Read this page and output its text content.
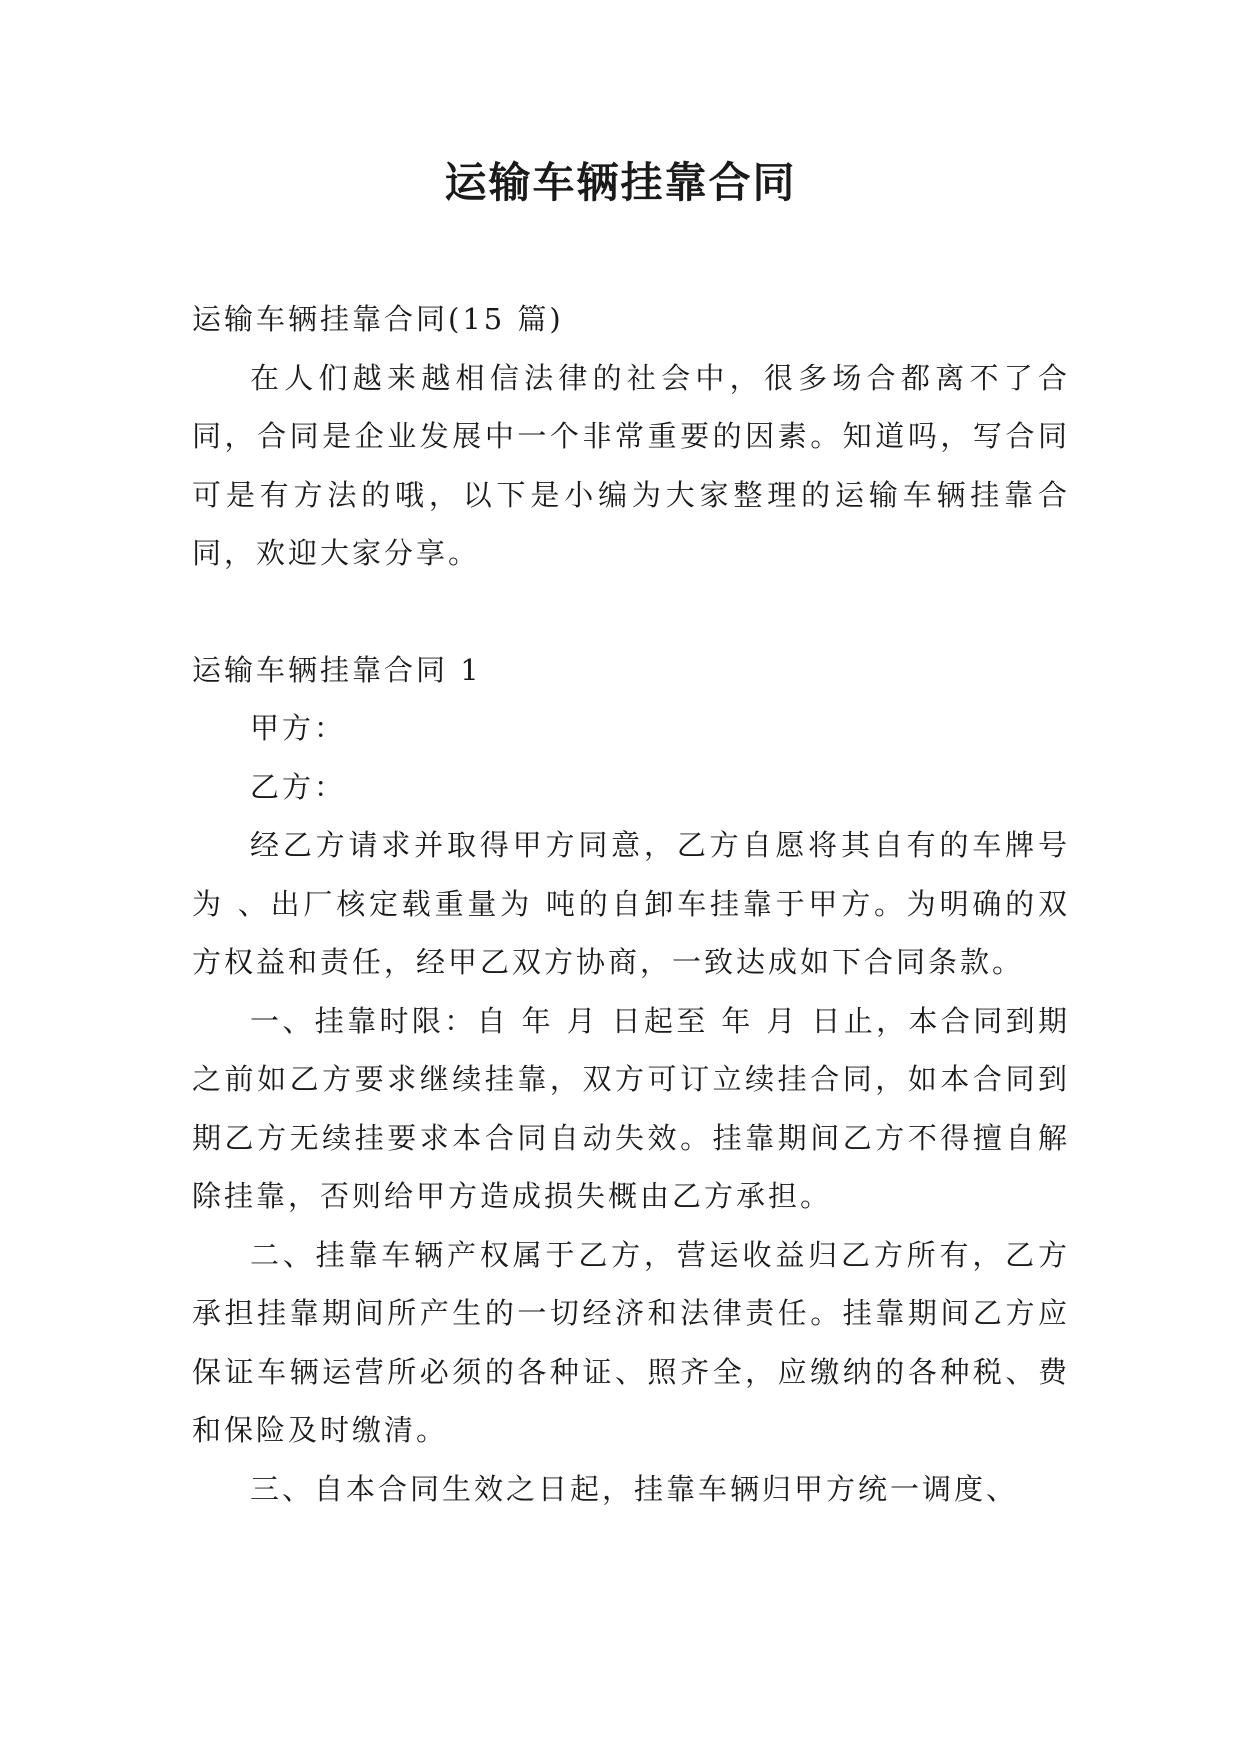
运输车辆挂靠合同

运输车辆挂靠合同(15 篇)

在人们越来越相信法律的社会中，很多场合都离不了合同，合同是企业发展中一个非常重要的因素。知道吗，写合同可是有方法的哦，以下是小编为大家整理的运输车辆挂靠合同，欢迎大家分享。

运输车辆挂靠合同 1

甲方：

乙方：

经乙方请求并取得甲方同意，乙方自愿将其自有的车牌号为 、出厂核定载重量为 吨的自卸车挂靠于甲方。为明确的双方权益和责任，经甲乙双方协商，一致达成如下合同条款。

一、挂靠时限：自 年 月 日起至 年 月 日止，本合同到期之前如乙方要求继续挂靠，双方可订立续挂合同，如本合同到期乙方无续挂要求本合同自动失效。挂靠期间乙方不得擅自解除挂靠，否则给甲方造成损失概由乙方承担。

二、挂靠车辆产权属于乙方，营运收益归乙方所有，乙方承担挂靠期间所产生的一切经济和法律责任。挂靠期间乙方应保证车辆运营所必须的各种证、照齐全，应缴纳的各种税、费和保险及时缴清。

三、自本合同生效之日起，挂靠车辆归甲方统一调度、
